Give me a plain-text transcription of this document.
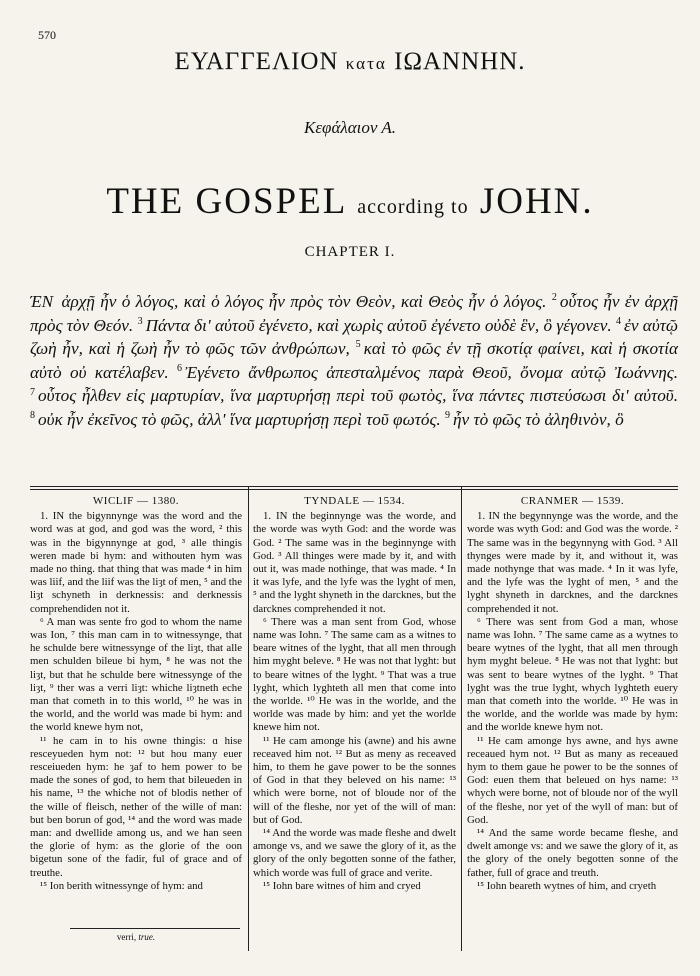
570
ΕΥΑΓΓΕΛΙΟΝ κατα ΙΩΑΝΝΗΝ.
Κεφάλαιον Α.
THE GOSPEL according to JOHN.
CHAPTER I.
ΈΝ ἀρχῇ ἦν ὁ λόγος, καὶ ὁ λόγος ἦν πρὸς τὸν Θεὸν, καὶ Θεὸς ἦν ὁ λόγος. $^2$ οὗτος ἦν ἐν ἀρχῇ πρὸς τὸν Θεόν. $^3$ Πάντα δι' αὐτοῦ ἐγένετο, καὶ χωρὶς αὐτοῦ ἐγένετο οὐδὲ ἓν, ὃ γέγονεν. $^4$ ἐν αὐτῷ ζωὴ ἦν, καὶ ἡ ζωὴ ἦν τὸ φῶς τῶν ἀνθρώπων, $^5$ καὶ τὸ φῶς ἐν τῇ σκοτίᾳ φαίνει, καὶ ἡ σκοτία αὐτὸ οὐ κατέλαβεν. $^6$ Ἐγένετο ἄνθρωπος ἀπεσταλμένος παρὰ Θεοῦ, ὄνομα αὐτῷ Ἰωάννης. $^7$ οὗτος ἦλθεν εἰς μαρτυρίαν, ἵνα μαρτυρήσῃ περὶ τοῦ φωτὸς, ἵνα πάντες πιστεύσωσι δι' αὐτοῦ. $^8$ οὐκ ἦν ἐκεῖνος τὸ φῶς, ἀλλ' ἵνα μαρτυρήσῃ περὶ τοῦ φωτός. $^9$ ἦν τὸ φῶς τὸ ἀληθινὸν, ὃ
WICLIF — 1380.

1. IN the bigynnynge was the word and the word was at god, and god was the word, ² this was in the bigynnynge at god, ³ alle thingis weren made bi hym: and withouten hym was made no thing. that thing that was made ⁴ in him was liif, and the liif was the liȝt of men, ⁵ and the liȝt schyneth in derknessis: and derknessis comprehendiden not it.

⁶ A man was sente fro god to whom the name was Ion, ⁷ this man cam in to witnessynge, that he schulde bere witnessynge of the liȝt, that alle men schulden bileue bi hym, ⁸ he was not the liȝt, but that he schulde bere witnessynge of the liȝt, ⁹ ther was a verri liȝt: whiche liȝtneth eche man that cometh in to this world, ¹⁰ he was in the world, and the world was made bi hym: and the world knewe hym not,

¹¹ he cam in to his owne thingis: ɑ hise resceyueden hym not: ¹² but hou many euer resceiueden hym: he ȝaf to hem power to be made the sones of god, to hem that bileueden in his name, ¹³ the whiche not of blodis nether of the wille of fleisch, nether of the wille of man: but ben borun of god, ¹⁴ and the word was made man: and dwellide among us, and we han seen the glorie of hym: as the glorie of the oon bigetun sone of the fadir, ful of grace and of treuthe.

¹⁵ Ion berith witnessynge of hym: and

TYNDALE — 1534.

1. IN the beginnynge was the worde, and the worde was wyth God: and the worde was God. ² The same was in the beginnynge with God. ³ All thinges were made by it, and with out it, was made nothinge, that was made. ⁴ In it was lyfe, and the lyfe was the lyght of men, ⁵ and the lyght shyneth in the darcknes, but the darcknes comprehended it not.

⁶ There was a man sent from God, whose name was Iohn. ⁷ The same cam as a witnes to beare witnes of the lyght, that all men through him myght beleve. ⁸ He was not that lyght: but to beare witnes of the lyght. ⁹ That was a true lyght, which lyghteth all men that come into the worlde. ¹⁰ He was in the worlde, and the worlde was made by him: and yet the worlde knewe him not.

¹¹ He cam amonge his (awne) and his awne receaved him not. ¹² But as meny as receaved him, to them he gave power to be the sonnes of God in that they beleved on his name: ¹³ which were borne, not of bloude nor of the will of the fleshe, nor yet of the will of man: but of God.

¹⁴ And the worde was made fleshe and dwelt amonge vs, and we sawe the glory of it, as the glory of the only begotten sonne of the father, which worde was full of grace and verite.

¹⁵ Iohn bare witnes of him and cryed

CRANMER — 1539.

1. IN the begynnynge was the worde, and the worde was wyth God: and God was the worde. ² The same was in the begynnyng with God. ³ All thynges were made by it, and without it, was made nothynge that was made. ⁴ In it was lyfe, and the lyfe was the lyght of men, ⁵ and the lyght shyneth in darcknes, and the darcknes comprehended it not.

⁶ There was sent from God a man, whose name was Iohn. ⁷ The same came as a wytnes to beare wytnes of the lyght, that all men through hym myght beleue. ⁸ He was not that lyght: but was sent to beare wytnes of the lyght. ⁹ That lyght was the true lyght, whych lyghteth euery man that cometh into the worlde. ¹⁰ He was in the worlde, and the worlde was made by hym: and the worlde knewe hym not.

¹¹ He cam amonge hys awne, and hys awne receaued hym not. ¹² But as many as receaued hym to them gaue he power to be the sonnes of God: euen them that beleued on hys name: ¹³ whych were borne, not of bloude nor of the wyll of the fleshe, nor yet of the wyll of man: but of God.

¹⁴ And the same worde became fleshe, and dwelt amonge vs: and we sawe the glory of it, as the glory of the onely begotten sonne of the father, full of grace and treuth.

¹⁵ Iohn beareth wytnes of him, and cryeth

verri, true.
